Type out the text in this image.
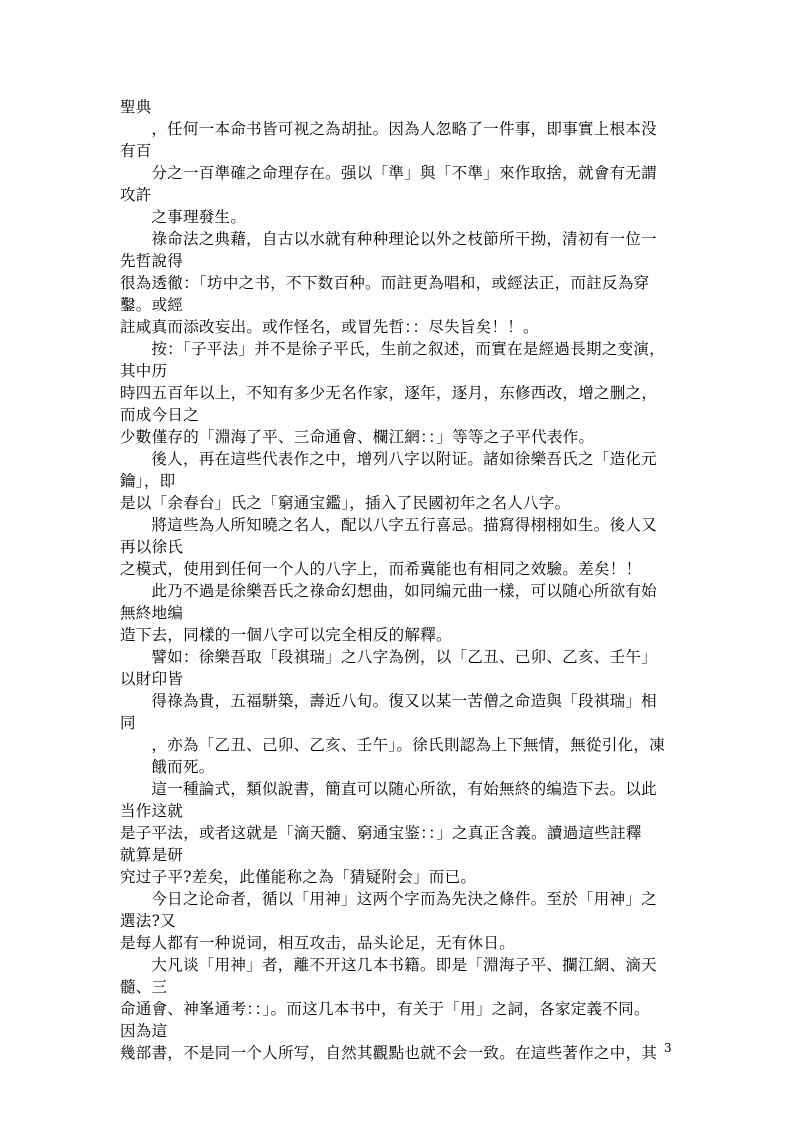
聖典
，任何一本命书皆可视之為胡扯。因為人忽略了一件事，即事實上根本没
有百
分之一百準確之命理存在。强以「準」與「不準」來作取捨，就會有无謂
攻許
之事理發生。
祿命法之典藉，自古以水就有种种理论以外之枝節所干拗，清初有一位一
先哲說得
很為透徹：「坊中之书，不下数百种。而註更為唱和，或經法正，而註反為穿
鑿。或經
註咸真而添改妄出。或作怪名，或冒先哲：：尽失旨矣！！。
按：「子平法」并不是徐子平氏，生前之叙述，而實在是經過長期之变演，
其中历
時四五百年以上，不知有多少无名作家，逐年，逐月，东修西改，增之删之，
而成今日之
少數僅存的「淵海了平、三命通會、欄江網：：」等等之子平代表作。
後人，再在這些代表作之中，增列八字以附证。諸如徐樂吾氏之「造化元
鑰」，即
是以「余春台」氏之「窮通宝鑑」，插入了民國初年之名人八字。
將這些為人所知曉之名人，配以八字五行喜忌。描寫得栩栩如生。後人又
再以徐氏
之模式，使用到任何一个人的八字上，而希冀能也有相同之效驗。差矣！！
此乃不過是徐樂吾氏之祿命幻想曲，如同编元曲一樣，可以随心所欲有始
無終地编
造下去，同樣的一個八字可以完全相反的解釋。
譬如：徐樂吾取「段祺瑞」之八字為例，以「乙丑、己卯、乙亥、壬午」
以財印皆
得祿為貴，五福駢築，壽近八旬。復又以某一苦僧之命造與「段祺瑞」相
同
，亦為「乙丑、己卯、乙亥、壬午」。徐氏則認為上下無情，無從引化，凍
餓而死。
這一種論式，類似說書，簡直可以随心所欲，有始無終的编造下去。以此
当作这就
是子平法，或者这就是「滴天髓、窮通宝鉴：：」之真正含義。讀過這些註釋
就算是研
究过子平?差矣，此僅能称之為「猜疑附会」而已。
今日之论命者，循以「用神」这两个字而為先決之條件。至於「用神」之
選法?又
是每人都有一种说词，相互攻击，品头论足，无有休日。
大凡谈「用神」者，離不开这几本书籍。即是「淵海子平、攔江網、滴天
髓、三
命通會、神峯通考：：」。而这几本书中，有关于「用」之詞，各家定義不同。
因為這
幾部書，不是同一个人所写，自然其觀點也就不会一致。在這些著作之中，其 3
